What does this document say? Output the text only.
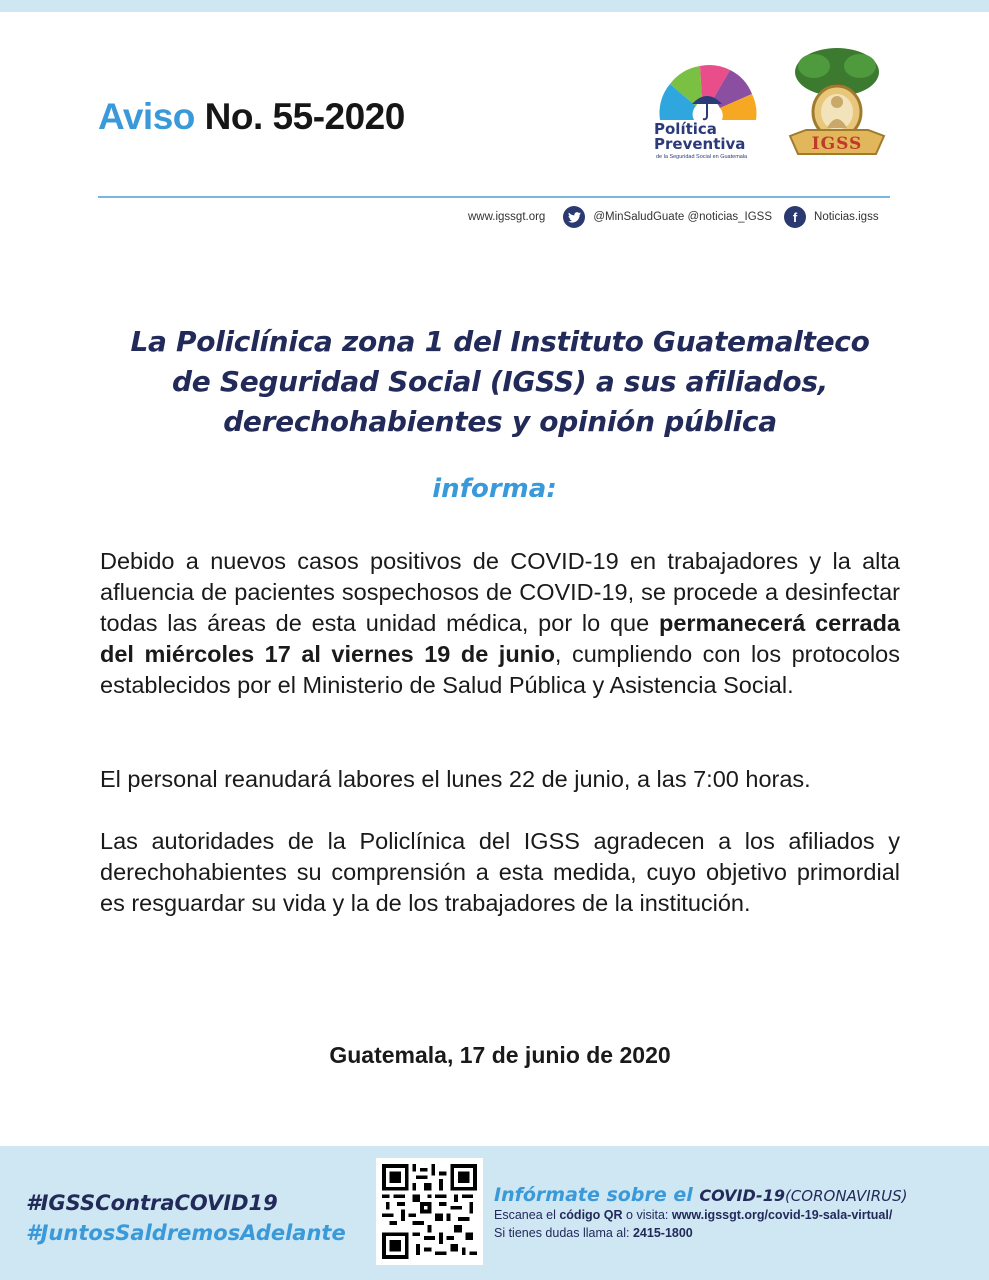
Aviso No. 55-2020	Política
Preventiva
de la Seguridad Social en Guatemala
IGSS
www.igssgt.org	@MinSaludGuate @noticias_IGSS	f	Noticias.igss
La Policlínica zona 1 del Instituto Guatemalteco
de Seguridad Social (IGSS) a sus afiliados,
derechohabientes y opinión pública
informa:
Debido a nuevos casos positivos de COVID-19 en trabajadores y la alta afluencia de pacientes sospechosos de COVID-19, se procede a desinfectar todas las áreas de esta unidad médica, por lo que permanecerá cerrada del miércoles 17 al viernes 19 de junio, cumpliendo con los protocolos establecidos por el Ministerio de Salud Pública y Asistencia Social.
El personal reanudará labores el lunes 22 de junio, a las 7:00 horas.
Las autoridades de la Policlínica del IGSS agradecen a los afiliados y derechohabientes su comprensión a esta medida, cuyo objetivo primordial es resguardar su vida y la de los trabajadores de la institución.
Guatemala, 17 de junio de 2020
#IGSSContraCOVID19
#JuntosSaldremosAdelante
Infórmate sobre el COVID-19(CORONAVIRUS)
Escanea el código QR o visita: www.igssgt.org/covid-19-sala-virtual/
Si tienes dudas llama al: 2415-1800
